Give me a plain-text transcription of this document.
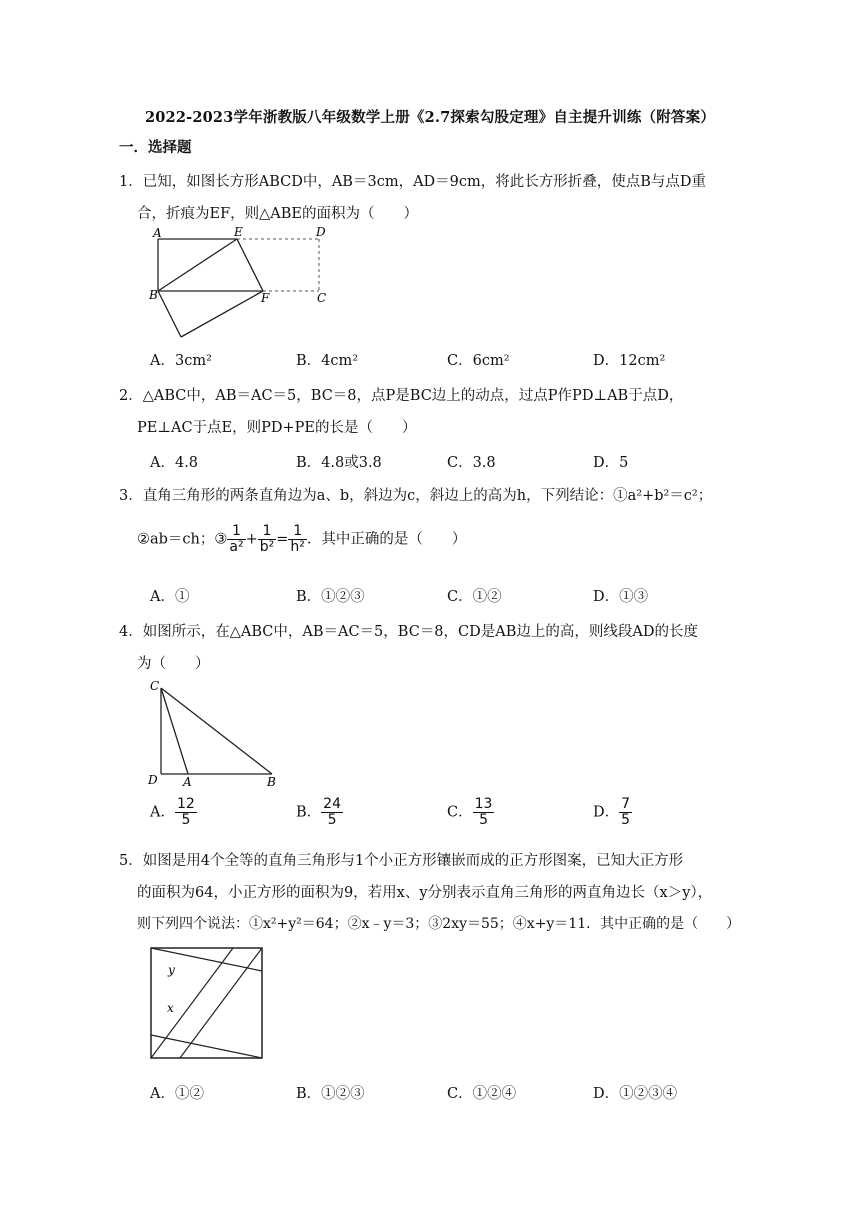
2022-2023学年浙教版八年级数学上册《2.7探索勾股定理》自主提升训练（附答案）
一．选择题
1．已知，如图长方形ABCD中，AB＝3cm，AD＝9cm，将此长方形折叠，使点B与点D重
合，折痕为EF，则△ABE的面积为（　　）
A	E	D
B	F	C
A．3cm²	B．4cm²	C．6cm²	D．12cm²
2．△ABC中，AB＝AC＝5，BC＝8，点P是BC边上的动点，过点P作PD⊥AB于点D，
PE⊥AC于点E，则PD+PE的长是（　　）
A．4.8	B．4.8或3.8	C．3.8	D．5
3．直角三角形的两条直角边为a、b，斜边为c，斜边上的高为h，下列结论：①a²+b²＝c²；
②ab＝ch；③ $\frac{1}{\text{a²}} + \frac{1}{\text{b²}} = \frac{1}{\text{h²}}$ ．其中正确的是（　　）
A．①	B．①②③	C．①②	D．①③
4．如图所示，在△ABC中，AB＝AC＝5，BC＝8，CD是AB边上的高，则线段AD的长度
为（　　）
C
D A	B
A． $\frac{12}{5}$	B． $\frac{24}{5}$	C． $\frac{13}{5}$	D． $\frac{7}{5}$
5．如图是用4个全等的直角三角形与1个小正方形镶嵌而成的正方形图案，已知大正方形
的面积为64，小正方形的面积为9，若用x、y分别表示直角三角形的两直角边长（x＞y），
则下列四个说法：①x²+y²＝64；②x﹣y＝3；③2xy＝55；④x+y＝11．其中正确的是（　　）
y
x
A．①②	B．①②③	C．①②④	D．①②③④
